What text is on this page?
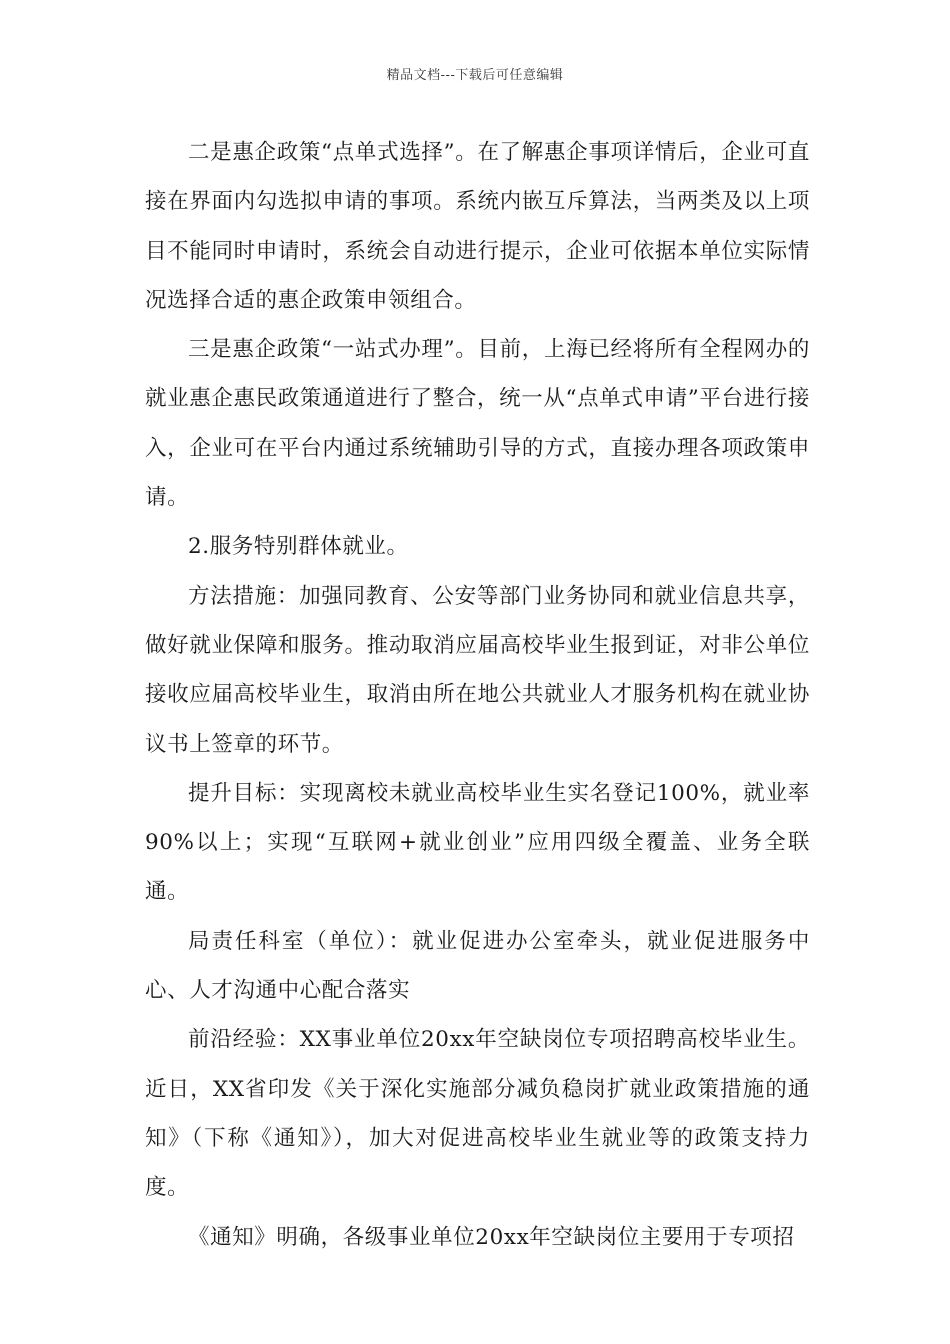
精品文档---下载后可任意编辑

二是惠企政策“点单式选择”。在了解惠企事项详情后，企业可直接在界面内勾选拟申请的事项。系统内嵌互斥算法，当两类及以上项目不能同时申请时，系统会自动进行提示，企业可依据本单位实际情况选择合适的惠企政策申领组合。

三是惠企政策“一站式办理”。目前，上海已经将所有全程网办的就业惠企惠民政策通道进行了整合，统一从“点单式申请”平台进行接入，企业可在平台内通过系统辅助引导的方式，直接办理各项政策申请。

2.服务特别群体就业。

方法措施：加强同教育、公安等部门业务协同和就业信息共享，做好就业保障和服务。推动取消应届高校毕业生报到证，对非公单位接收应届高校毕业生，取消由所在地公共就业人才服务机构在就业协议书上签章的环节。

提升目标：实现离校未就业高校毕业生实名登记100%，就业率90%以上；实现“互联网+就业创业”应用四级全覆盖、业务全联通。

局责任科室（单位）：就业促进办公室牵头，就业促进服务中心、人才沟通中心配合落实

前沿经验：XX事业单位20xx年空缺岗位专项招聘高校毕业生。近日，XX省印发《关于深化实施部分减负稳岗扩就业政策措施的通知》（下称《通知》），加大对促进高校毕业生就业等的政策支持力度。

《通知》明确，各级事业单位20xx年空缺岗位主要用于专项招
